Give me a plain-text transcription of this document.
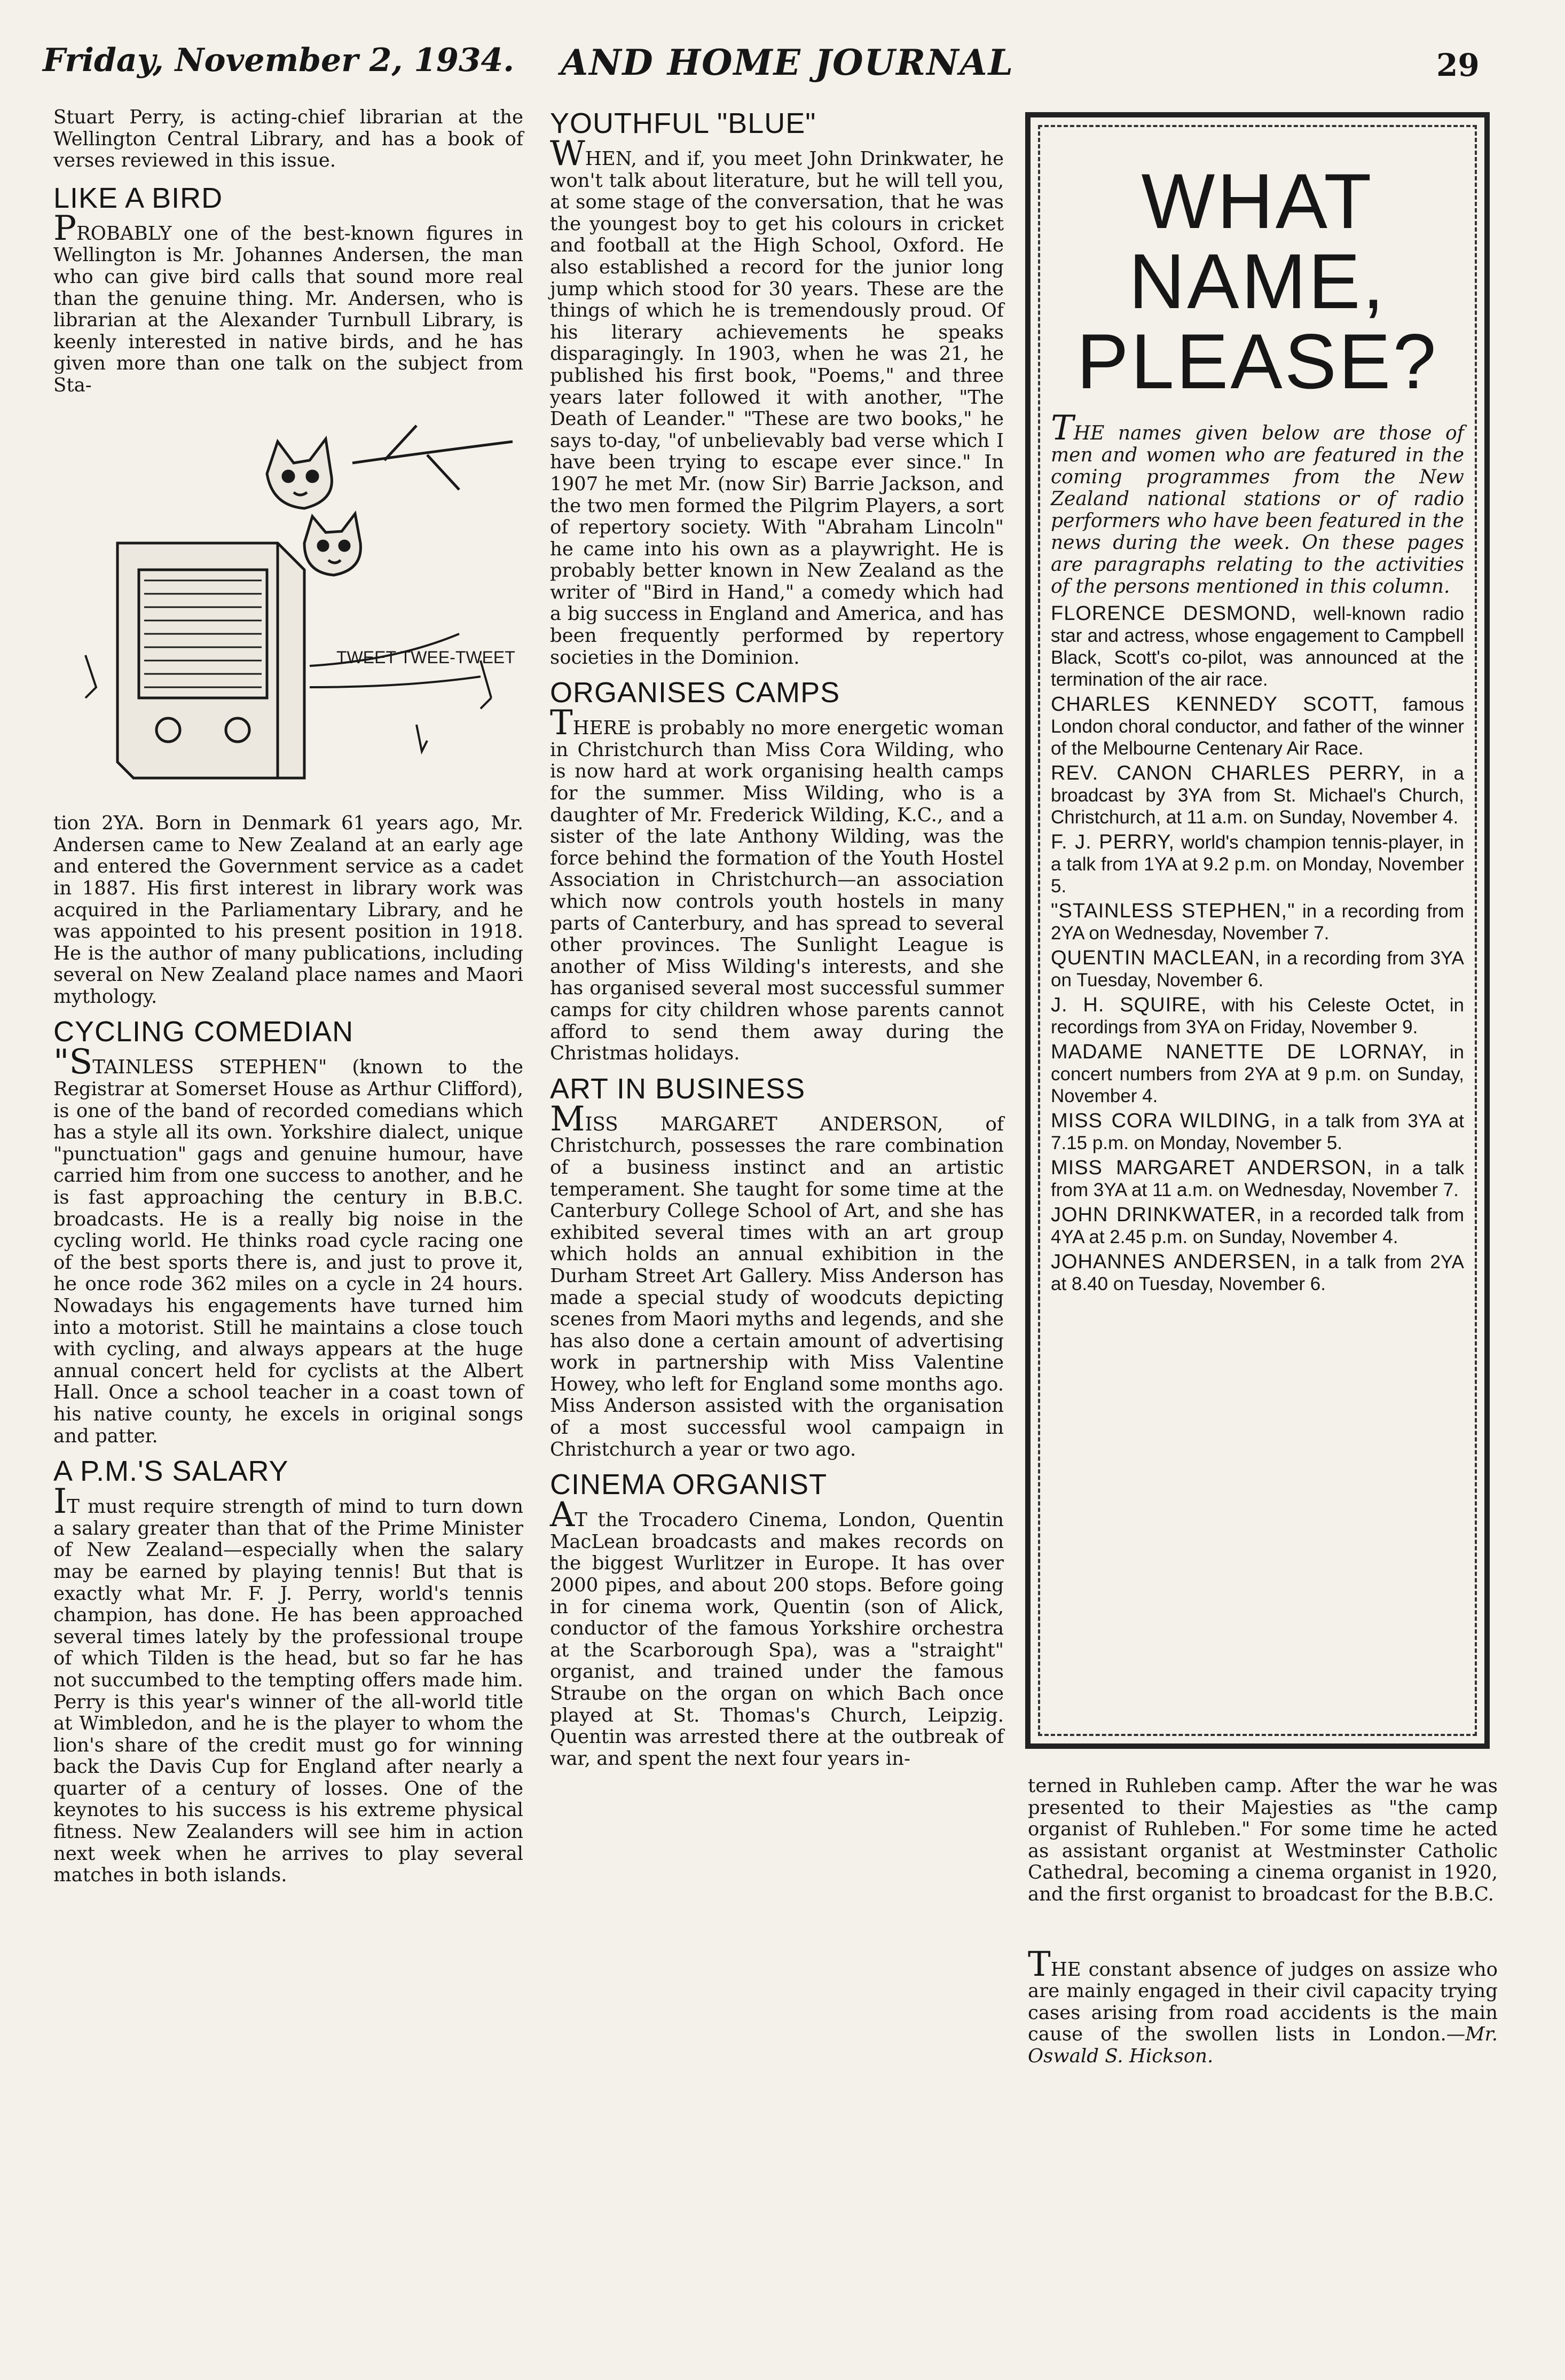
Friday, November 2, 1934. AND HOME JOURNAL	29

Stuart Perry, is acting-chief librarian at the Wellington Central Library, and has a book of verses reviewed in this issue.

LIKE A BIRD

PROBABLY one of the best-known figures in Wellington is Mr. Johannes Andersen, the man who can give bird calls that sound more real than the genuine thing. Mr. Andersen, who is librarian at the Alexander Turnbull Library, is keenly interested in native birds, and he has given more than one talk on the subject from Sta-

TWEET TWEE-TWEET

tion 2YA. Born in Denmark 61 years ago, Mr. Andersen came to New Zealand at an early age and entered the Government service as a cadet in 1887. His first interest in library work was acquired in the Parliamentary Library, and he was appointed to his present position in 1918. He is the author of many publications, including several on New Zealand place names and Maori mythology.

CYCLING COMEDIAN

"STAINLESS STEPHEN" (known to the Registrar at Somerset House as Arthur Clifford), is one of the band of recorded comedians which has a style all its own. Yorkshire dialect, unique "punctuation" gags and genuine humour, have carried him from one success to another, and he is fast approaching the century in B.B.C. broadcasts. He is a really big noise in the cycling world. He thinks road cycle racing one of the best sports there is, and just to prove it, he once rode 362 miles on a cycle in 24 hours. Nowadays his engagements have turned him into a motorist. Still he maintains a close touch with cycling, and always appears at the huge annual concert held for cyclists at the Albert Hall. Once a school teacher in a coast town of his native county, he excels in original songs and patter.

A P.M.'S SALARY

IT must require strength of mind to turn down a salary greater than that of the Prime Minister of New Zealand—especially when the salary may be earned by playing tennis! But that is exactly what Mr. F. J. Perry, world's tennis champion, has done. He has been approached several times lately by the professional troupe of which Tilden is the head, but so far he has not succumbed to the tempting offers made him. Perry is this year's winner of the all-world title at Wimbledon, and he is the player to whom the lion's share of the credit must go for winning back the Davis Cup for England after nearly a quarter of a century of losses. One of the keynotes to his success is his extreme physical fitness. New Zealanders will see him in action next week when he arrives to play several matches in both islands.

YOUTHFUL "BLUE"

WHEN, and if, you meet John Drinkwater, he won't talk about literature, but he will tell you, at some stage of the conversation, that he was the youngest boy to get his colours in cricket and football at the High School, Oxford. He also established a record for the junior long jump which stood for 30 years. These are the things of which he is tremendously proud. Of his literary achievements he speaks disparagingly. In 1903, when he was 21, he published his first book, "Poems," and three years later followed it with another, "The Death of Leander." "These are two books," he says to-day, "of unbelievably bad verse which I have been trying to escape ever since." In 1907 he met Mr. (now Sir) Barrie Jackson, and the two men formed the Pilgrim Players, a sort of repertory society. With "Abraham Lincoln" he came into his own as a playwright. He is probably better known in New Zealand as the writer of "Bird in Hand," a comedy which had a big success in England and America, and has been frequently performed by repertory societies in the Dominion.

ORGANISES CAMPS

THERE is probably no more energetic woman in Christchurch than Miss Cora Wilding, who is now hard at work organising health camps for the summer. Miss Wilding, who is a daughter of Mr. Frederick Wilding, K.C., and a sister of the late Anthony Wilding, was the force behind the formation of the Youth Hostel Association in Christchurch—an association which now controls youth hostels in many parts of Canterbury, and has spread to several other provinces. The Sunlight League is another of Miss Wilding's interests, and she has organised several most successful summer camps for city children whose parents cannot afford to send them away during the Christmas holidays.

ART IN BUSINESS

MISS MARGARET ANDERSON, of Christchurch, possesses the rare combination of a business instinct and an artistic temperament. She taught for some time at the Canterbury College School of Art, and she has exhibited several times with an art group which holds an annual exhibition in the Durham Street Art Gallery. Miss Anderson has made a special study of woodcuts depicting scenes from Maori myths and legends, and she has also done a certain amount of advertising work in partnership with Miss Valentine Howey, who left for England some months ago. Miss Anderson assisted with the organisation of a most successful wool campaign in Christchurch a year or two ago.

CINEMA ORGANIST

AT the Trocadero Cinema, London, Quentin MacLean broadcasts and makes records on the biggest Wurlitzer in Europe. It has over 2000 pipes, and about 200 stops. Before going in for cinema work, Quentin (son of Alick, conductor of the famous Yorkshire orchestra at the Scarborough Spa), was a "straight" organist, and trained under the famous Straube on the organ on which Bach once played at St. Thomas's Church, Leipzig. Quentin was arrested there at the outbreak of war, and spent the next four years in-

WHAT
NAME,
PLEASE?

THE names given below are those of men and women who are featured in the coming programmes from the New Zealand national stations or of radio performers who have been featured in the news during the week. On these pages are paragraphs relating to the activities of the persons mentioned in this column.

FLORENCE DESMOND, well-known radio star and actress, whose engagement to Campbell Black, Scott's co-pilot, was announced at the termination of the air race.

CHARLES KENNEDY SCOTT, famous London choral conductor, and father of the winner of the Melbourne Centenary Air Race.

REV. CANON CHARLES PERRY, in a broadcast by 3YA from St. Michael's Church, Christchurch, at 11 a.m. on Sunday, November 4.

F. J. PERRY, world's champion tennis-player, in a talk from 1YA at 9.2 p.m. on Monday, November 5.

"STAINLESS STEPHEN," in a recording from 2YA on Wednesday, November 7.

QUENTIN MACLEAN, in a recording from 3YA on Tuesday, November 6.

J. H. SQUIRE, with his Celeste Octet, in recordings from 3YA on Friday, November 9.

MADAME NANETTE DE LORNAY, in concert numbers from 2YA at 9 p.m. on Sunday, November 4.

MISS CORA WILDING, in a talk from 3YA at 7.15 p.m. on Monday, November 5.

MISS MARGARET ANDERSON, in a talk from 3YA at 11 a.m. on Wednesday, November 7.

JOHN DRINKWATER, in a recorded talk from 4YA at 2.45 p.m. on Sunday, November 4.

JOHANNES ANDERSEN, in a talk from 2YA at 8.40 on Tuesday, November 6.

terned in Ruhleben camp. After the war he was presented to their Majesties as "the camp organist of Ruhleben." For some time he acted as assistant organist at Westminster Catholic Cathedral, becoming a cinema organist in 1920, and the first organist to broadcast for the B.B.C.

THE constant absence of judges on assize who are mainly engaged in their civil capacity trying cases arising from road accidents is the main cause of the swollen lists in London.—Mr. Oswald S. Hickson.
